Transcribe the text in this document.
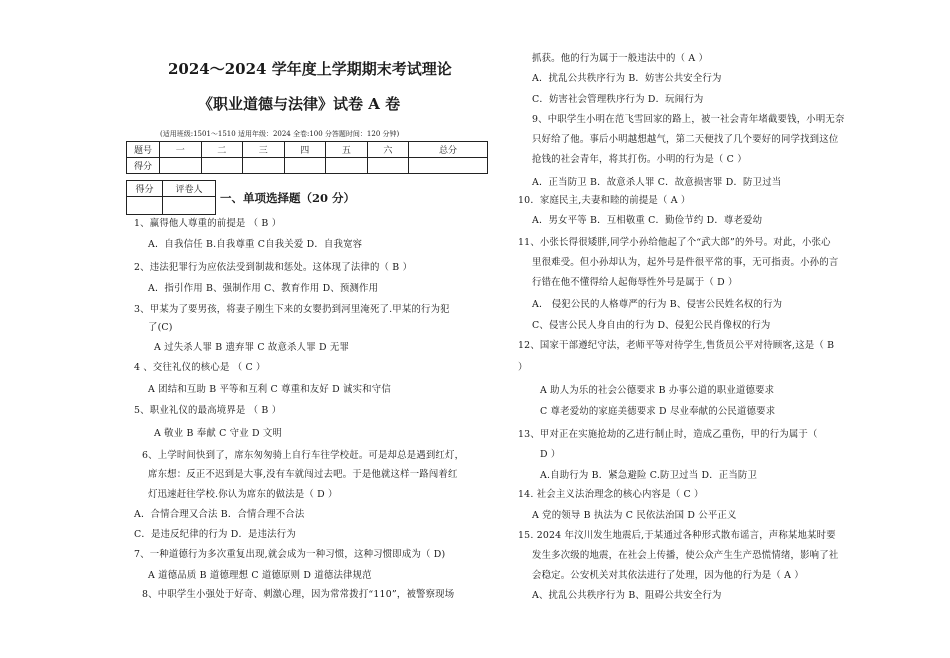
2024～2024 学年度上学期期末考试理论
《职业道德与法律》试卷 A 卷
(适用班级:1501～1510 适用年级：2024 全卷:100 分答题时间：120 分钟)
题号	一	二	三	四	五	六	总分
得分							
得分	评卷人

一、单项选择题（20 分）
1、赢得他人尊重的前提是 （ B ）
A．自我信任 B.自我尊重 C自我关爱 D．自我宽容
2、违法犯罪行为应依法受到制裁和惩处。这体现了法律的（ B ）
A．指引作用 B、强制作用 C、教育作用 D、预测作用
3、甲某为了要男孩，将妻子刚生下来的女婴扔到河里淹死了.甲某的行为犯
了(C)
A 过失杀人罪 B 遗弃罪 C 故意杀人罪 D 无罪
4 、交往礼仪的核心是 （ C ）
A 团结和互助 B 平等和互利 C 尊重和友好 D 诚实和守信
5、职业礼仪的最高境界是 （ B ）
A 敬业 B 奉献 C 守业 D 文明
6、上学时间快到了，席东匆匆骑上自行车往学校赶。可是却总是遇到红灯，
席东想：反正不迟到是大事,没有车就闯过去吧。于是他就这样一路闯着红
灯迅速赶往学校.你认为席东的做法是（ D ）
A．合情合理又合法 B．合情合理不合法
C．是违反纪律的行为 D．是违法行为
7、一种道德行为多次重复出现,就会成为一种习惯，这种习惯即成为（ D)
A 道德品质 B 道德理想 C 道德原则 D 道德法律规范
8、中职学生小强处于好奇、刺激心理，因为常常拨打“110”，被警察现场
抓获。他的行为属于一般违法中的（ A ）
A．扰乱公共秩序行为 B．妨害公共安全行为
C．妨害社会管理秩序行为 D．玩闹行为
9、中职学生小明在范飞雪回家的路上，被一社会青年堵截要钱，小明无奈
只好给了他。事后小明越想越气，第二天便找了几个要好的同学找到这位
抢钱的社会青年，将其打伤。小明的行为是（ C ）
A．正当防卫 B．故意杀人罪 C．故意损害罪 D．防卫过当
10．家庭民主,夫妻和睦的前提是（ A ）
A．男女平等 B．互相敬重 C．勤俭节约 D．尊老爱幼
11、小张长得很矮胖,同学小孙给他起了个“武大郎”的外号。对此，小张心
里很难受。但小孙却认为，起外号是件很平常的事，无可指责。小孙的言
行错在他不懂得给人起侮辱性外号是属于（ D ）
A． 侵犯公民的人格尊严的行为 B、侵害公民姓名权的行为
C、侵害公民人身自由的行为 D、侵犯公民肖像权的行为
12、国家干部遵纪守法，老师平等对待学生,售货员公平对待顾客,这是（ B
）
A 助人为乐的社会公德要求 B 办事公道的职业道德要求
C 尊老爱幼的家庭美德要求 D 尽业奉献的公民道德要求
13、甲对正在实施抢劫的乙进行制止时，造成乙重伤，甲的行为属于（
D ）
A.自助行为 B．紧急避险 C.防卫过当 D．正当防卫
14. 社会主义法治理念的核心内容是（ C ）
A 党的领导 B 执法为 C 民依法治国 D 公平正义
15. 2024 年汶川发生地震后,于某通过各种形式散布谣言，声称某地某时要
发生多次级的地震，在社会上传播，使公众产生生产恐慌情绪，影响了社
会稳定。公安机关对其依法进行了处理，因为他的行为是（ A ）
A、扰乱公共秩序行为 B、阻碍公共安全行为
